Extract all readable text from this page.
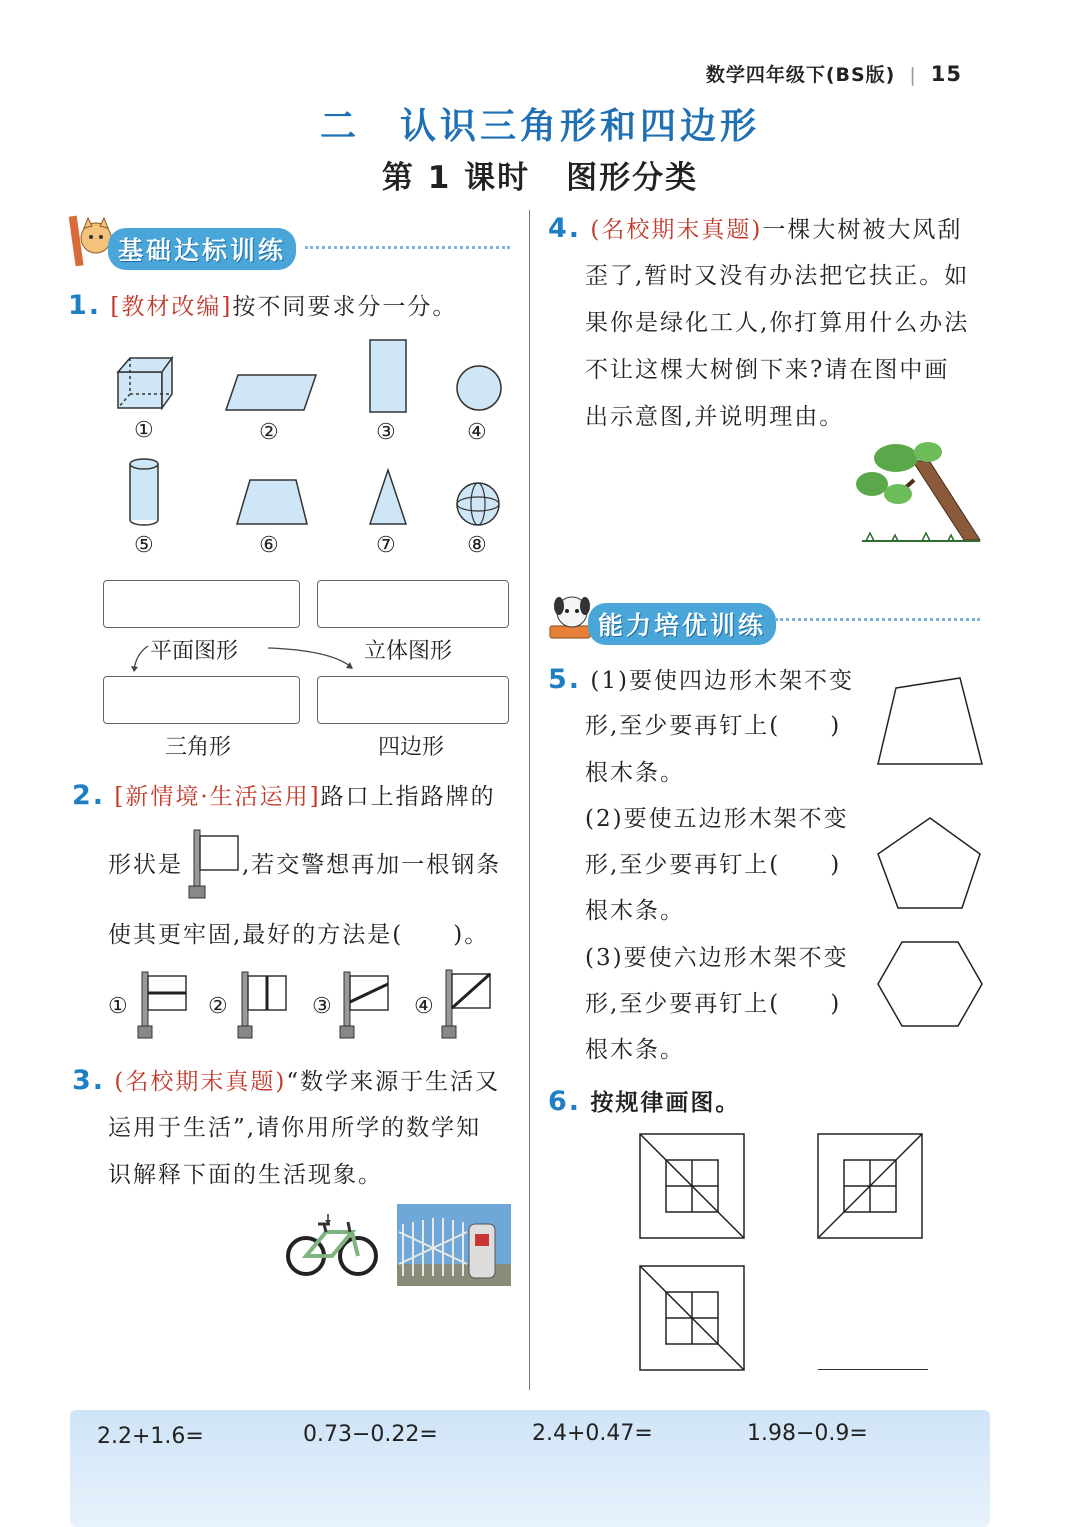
数学四年级下(BS版) | 15
二 认识三角形和四边形
第 1 课时 图形分类
基础达标训练
1. [教材改编]按不同要求分一分。
①	②	③	④
⑤	⑥	⑦	⑧
平面图形	立体图形
三角形	四边形
2. [新情境·生活运用]路口上指路牌的
形状是	,若交警想再加一根钢条
使其更牢固,最好的方法是(　　)。
①	②	③	④
3. (名校期末真题)“数学来源于生活又
运用于生活”,请你用所学的数学知
识解释下面的生活现象。
4. (名校期末真题)一棵大树被大风刮
歪了,暂时又没有办法把它扶正。如
果你是绿化工人,你打算用什么办法
不让这棵大树倒下来?请在图中画
出示意图,并说明理由。
能力培优训练
5. (1)要使四边形木架不变
形,至少要再钉上(　　)
根木条。
(2)要使五边形木架不变
形,至少要再钉上(　　)
根木条。
(3)要使六边形木架不变
形,至少要再钉上(　　)
根木条。
6. 按规律画图。
2.2+1.6=	0.73−0.22=	2.4+0.47=	1.98−0.9=
